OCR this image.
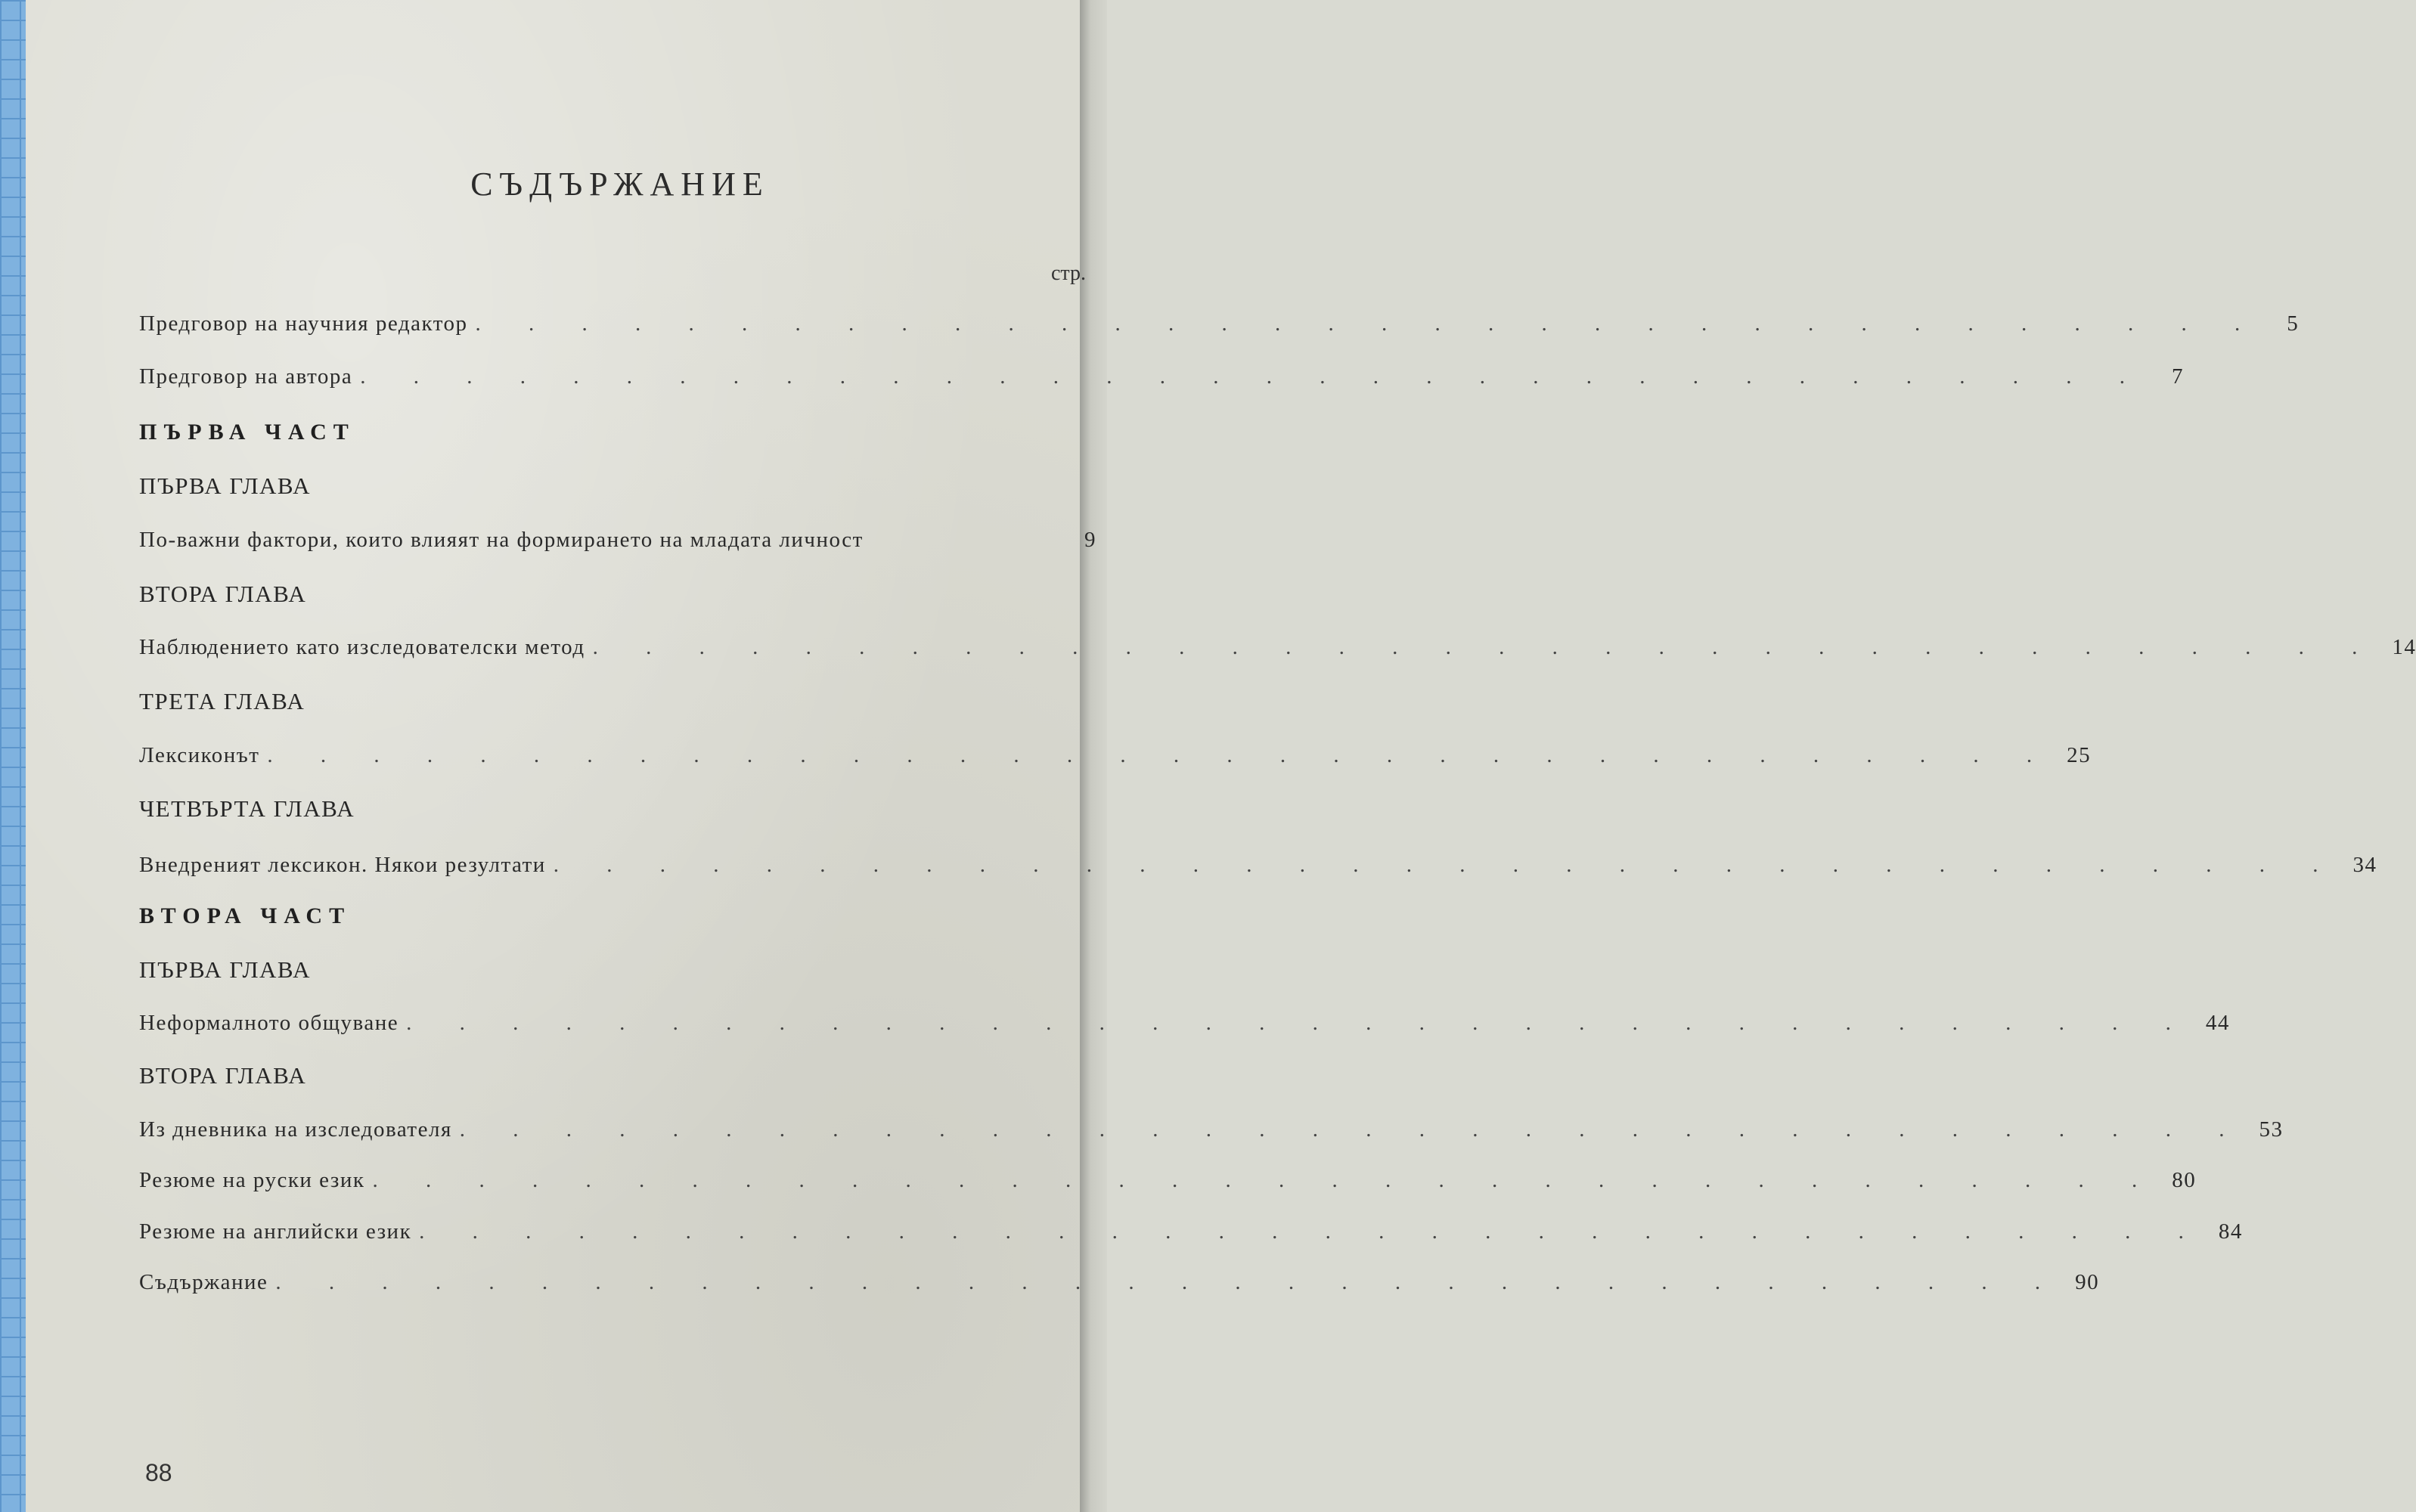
СЪДЪРЖАНИЕ
стр.
Предговор на научния редактор . . . . . . . . . . . . . . . . . . . . . . . . . . . . . . . . . .	5
Предговор на автора . . . . . . . . . . . . . . . . . . . . . . . . . . . . . . . . . .	7
ПЪРВА ЧАСТ
ПЪРВА ГЛАВА
По-важни фактори, които влияят на формирането на младата личност	9
ВТОРА ГЛАВА
Наблюдението като изследователски метод . . . . . . . . . . . . . . . . . . . . . . . . . . . . . . . . . . 14
ТРЕТА ГЛАВА
Лексиконът . . . . . . . . . . . . . . . . . . . . . . . . . . . . . . . . . . 25
ЧЕТВЪРТА ГЛАВА
Внедреният лексикон. Някои резултати . . . . . . . . . . . . . . . . . . . . . . . . . . . . . . . . . . 34
ВТОРА ЧАСТ
ПЪРВА ГЛАВА
Неформалното общуване . . . . . . . . . . . . . . . . . . . . . . . . . . . . . . . . . . 44
ВТОРА ГЛАВА
Из дневника на изследователя . . . . . . . . . . . . . . . . . . . . . . . . . . . . . . . . . . 53
Резюме на руски език . . . . . . . . . . . . . . . . . . . . . . . . . . . . . . . . . . 80
Резюме на английски език . . . . . . . . . . . . . . . . . . . . . . . . . . . . . . . . . . 84
Съдържание . . . . . . . . . . . . . . . . . . . . . . . . . . . . . . . . . . 90
88
